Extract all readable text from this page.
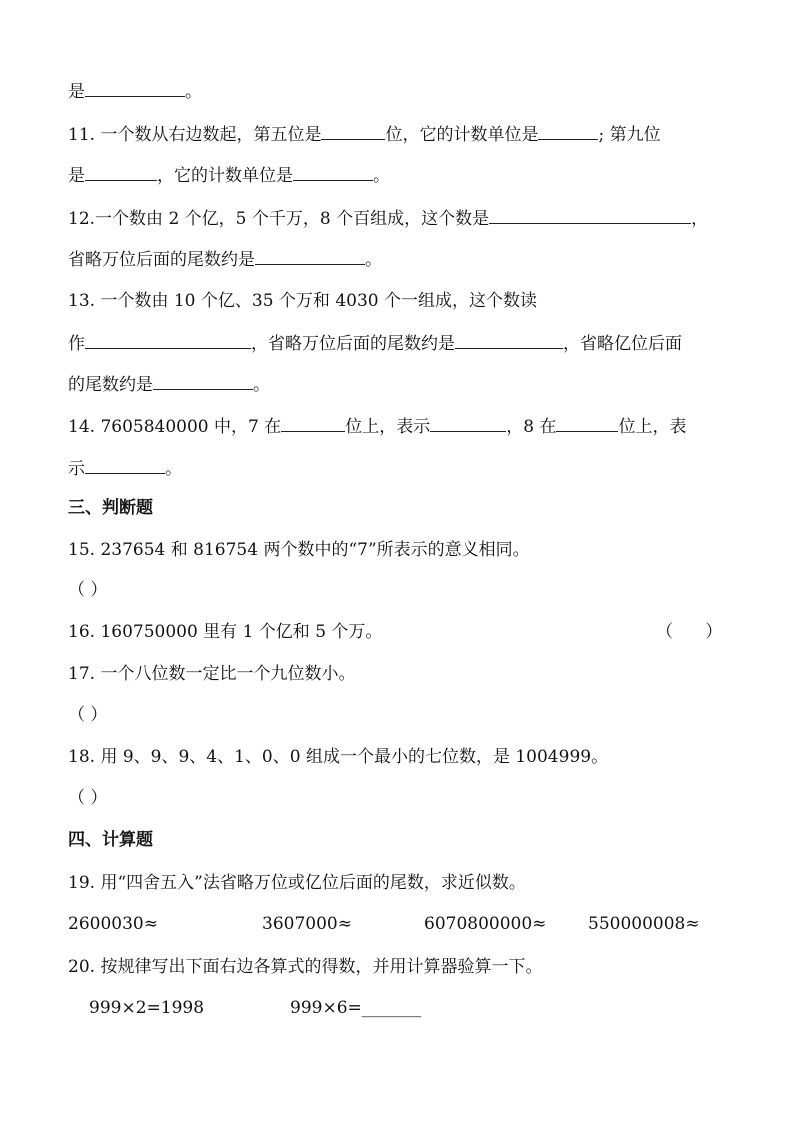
是	。
11. 一个数从右边数起，第五位是	位，它的计数单位是	; 第九位
是	，它的计数单位是	。
12.一个数由 2 个亿，5 个千万，8 个百组成，这个数是	，
省略万位后面的尾数约是	。
13. 一个数由 10 个亿、35 个万和 4030 个一组成，这个数读
作	，省略万位后面的尾数约是	，省略亿位后面
的尾数约是	。
14. 7605840000 中，7 在	位上，表示	，8 在	位上，表
示	。
三、判断题
15. 237654 和 816754 两个数中的“7”所表示的意义相同。
（ ）
16. 160750000 里有 1 个亿和 5 个万。	（      ）
17. 一个八位数一定比一个九位数小。
（ ）
18. 用 9、9、9、4、1、0、0 组成一个最小的七位数，是 1004999。
（ ）
四、计算题
19. 用“四舍五入”法省略万位或亿位后面的尾数，求近似数。
2600030≈	3607000≈	6070800000≈ 550000008≈
20. 按规律写出下面右边各算式的得数，并用计算器验算一下。
999×2=1998	999×6=_______
